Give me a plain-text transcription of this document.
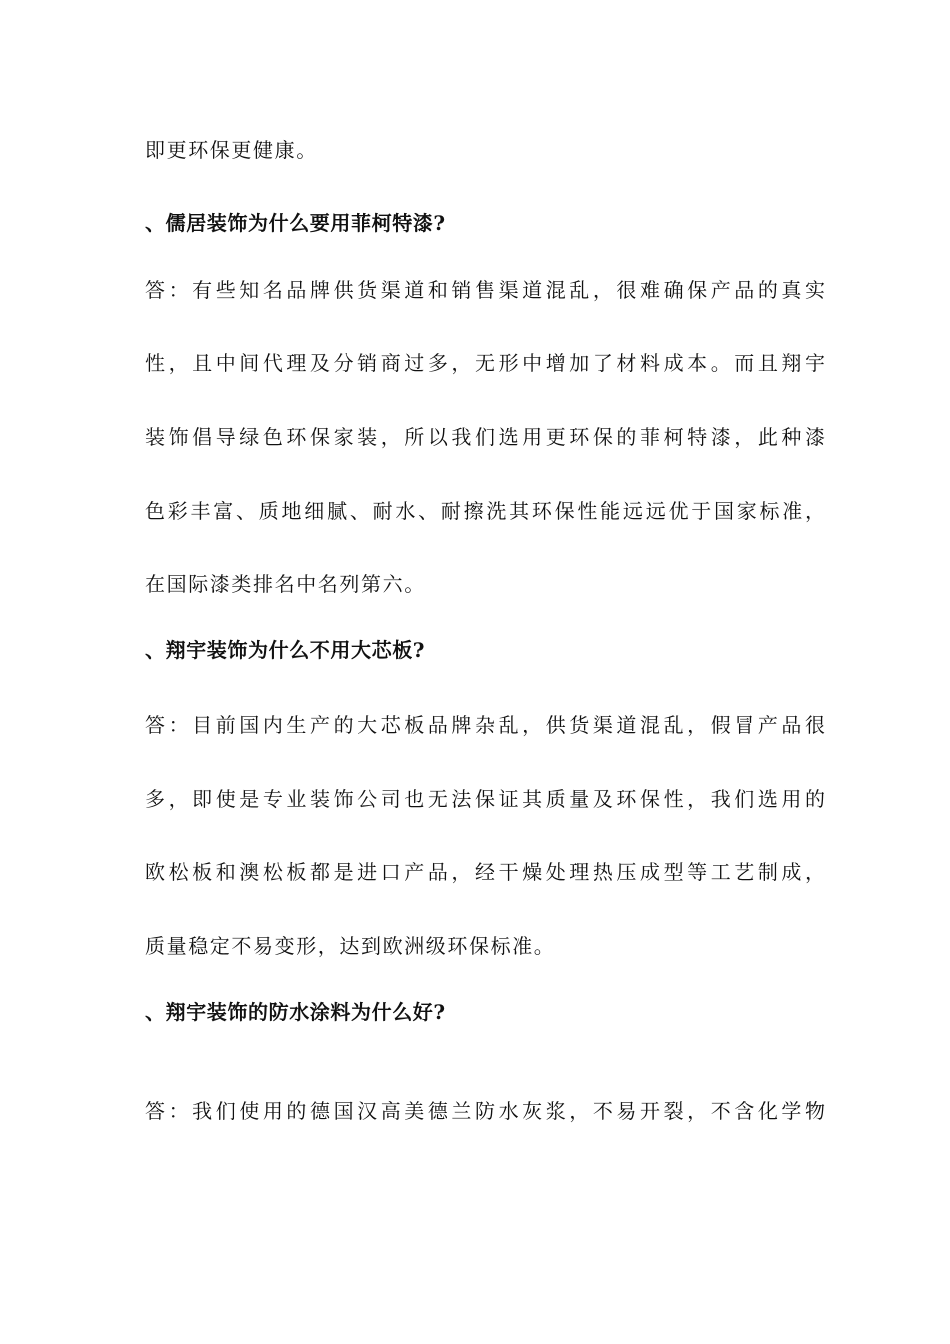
即更环保更健康。
、儒居装饰为什么要用菲柯特漆?
答：有些知名品牌供货渠道和销售渠道混乱，很难确保产品的真实
性，且中间代理及分销商过多，无形中增加了材料成本。而且翔宇
装饰倡导绿色环保家装，所以我们选用更环保的菲柯特漆，此种漆
色彩丰富、质地细腻、耐水、耐擦洗其环保性能远远优于国家标准，
在国际漆类排名中名列第六。
、翔宇装饰为什么不用大芯板?
答：目前国内生产的大芯板品牌杂乱，供货渠道混乱，假冒产品很
多，即使是专业装饰公司也无法保证其质量及环保性，我们选用的
欧松板和澳松板都是进口产品，经干燥处理热压成型等工艺制成，
质量稳定不易变形，达到欧洲级环保标准。
、翔宇装饰的防水涂料为什么好?
答：我们使用的德国汉高美德兰防水灰浆，不易开裂，不含化学物
